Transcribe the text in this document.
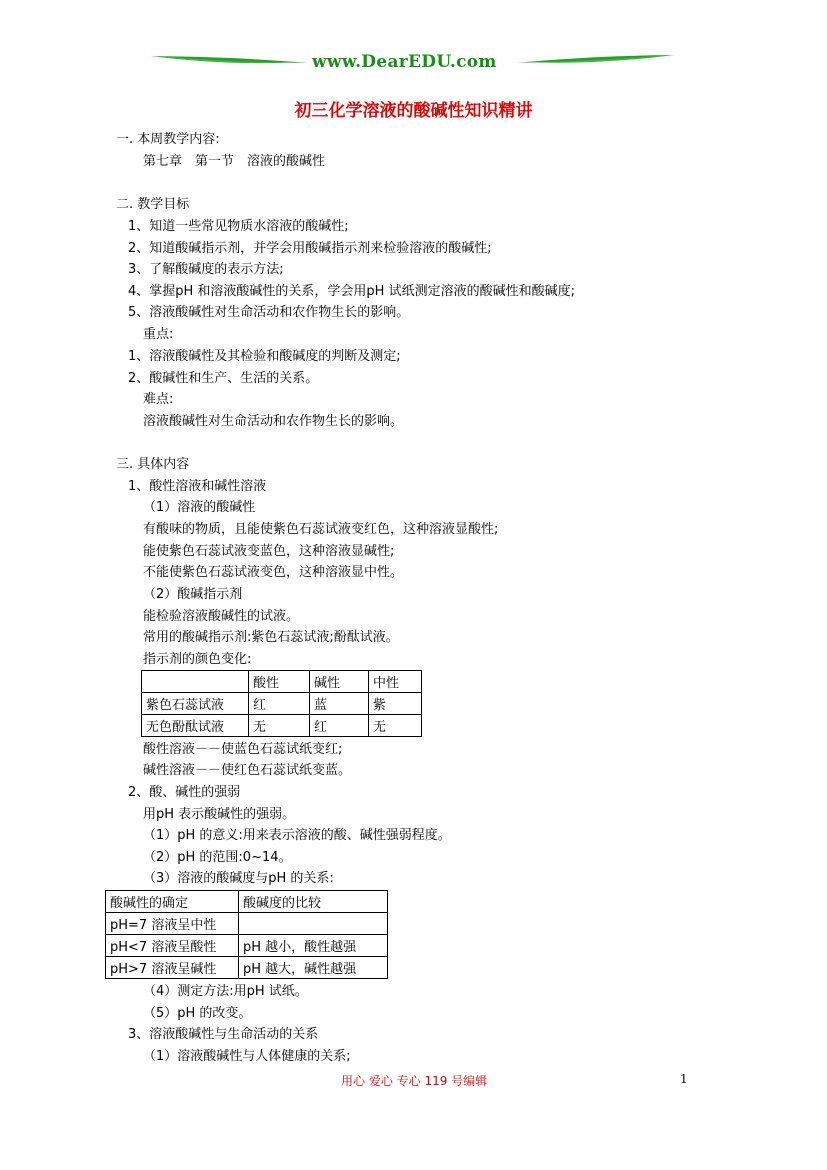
www.DearEDU.com
初三化学溶液的酸碱性知识精讲
一. 本周教学内容:
第七章　第一节　溶液的酸碱性
二. 教学目标
1、知道一些常见物质水溶液的酸碱性;
2、知道酸碱指示剂，并学会用酸碱指示剂来检验溶液的酸碱性;
3、了解酸碱度的表示方法;
4、掌握pH 和溶液酸碱性的关系，学会用pH 试纸测定溶液的酸碱性和酸碱度;
5、溶液酸碱性对生命活动和农作物生长的影响。
重点:
1、溶液酸碱性及其检验和酸碱度的判断及测定;
2、酸碱性和生产、生活的关系。
难点:
溶液酸碱性对生命活动和农作物生长的影响。
三. 具体内容
1、酸性溶液和碱性溶液
（1）溶液的酸碱性
有酸味的物质，且能使紫色石蕊试液变红色，这种溶液显酸性;
能使紫色石蕊试液变蓝色，这种溶液显碱性;
不能使紫色石蕊试液变色，这种溶液显中性。
（2）酸碱指示剂
能检验溶液酸碱性的试液。
常用的酸碱指示剂:紫色石蕊试液;酚酞试液。
指示剂的颜色变化:
	酸性	碱性	中性
紫色石蕊试液	红	蓝	紫
无色酚酞试液	无	红	无
酸性溶液－－使蓝色石蕊试纸变红;
碱性溶液－－使红色石蕊试纸变蓝。
2、酸、碱性的强弱
用pH 表示酸碱性的强弱。
（1）pH 的意义:用来表示溶液的酸、碱性强弱程度。
（2）pH 的范围:0~14。
（3）溶液的酸碱度与pH 的关系:
酸碱性的确定	酸碱度的比较
pH=7 溶液呈中性	
pH<7 溶液呈酸性	pH 越小，酸性越强
pH>7 溶液呈碱性	pH 越大，碱性越强
（4）测定方法:用pH 试纸。
（5）pH 的改变。
3、溶液酸碱性与生命活动的关系
（1）溶液酸碱性与人体健康的关系;
用心 爱心 专心 119 号编辑	1
